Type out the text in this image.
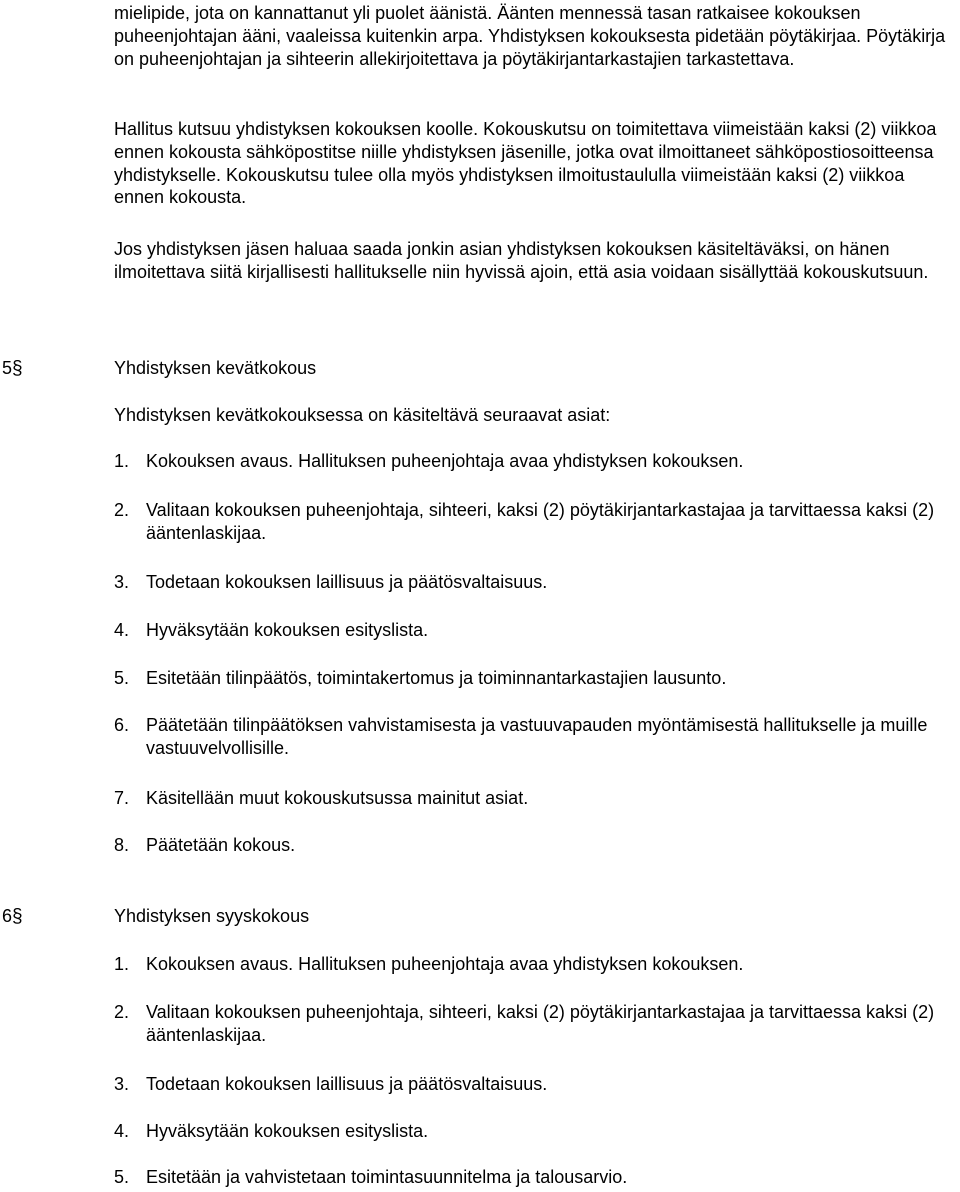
mielipide, jota on kannattanut yli puolet äänistä. Äänten mennessä tasan ratkaisee kokouksen puheenjohtajan ääni, vaaleissa kuitenkin arpa. Yhdistyksen kokouksesta pidetään pöytäkirjaa. Pöytäkirja on puheenjohtajan ja sihteerin allekirjoitettava ja pöytäkirjantarkastajien tarkastettava.

Hallitus kutsuu yhdistyksen kokouksen koolle. Kokouskutsu on toimitettava viimeistään kaksi (2) viikkoa ennen kokousta sähköpostitse niille yhdistyksen jäsenille, jotka ovat ilmoittaneet sähköpostiosoitteensa yhdistykselle. Kokouskutsu tulee olla myös yhdistyksen ilmoitustaululla viimeistään kaksi (2) viikkoa ennen kokousta.

Jos yhdistyksen jäsen haluaa saada jonkin asian yhdistyksen kokouksen käsiteltäväksi, on hänen ilmoitettava siitä kirjallisesti hallitukselle niin hyvissä ajoin, että asia voidaan sisällyttää kokouskutsuun.

5 §	Yhdistyksen kevätkokous

Yhdistyksen kevätkokouksessa on käsiteltävä seuraavat asiat:

1. Kokouksen avaus. Hallituksen puheenjohtaja avaa yhdistyksen kokouksen.
2. Valitaan kokouksen puheenjohtaja, sihteeri, kaksi (2) pöytäkirjantarkastajaa ja tarvittaessa kaksi (2) ääntenlaskijaa.
3. Todetaan kokouksen laillisuus ja päätösvaltaisuus.
4. Hyväksytään kokouksen esityslista.
5. Esitetään tilinpäätös, toimintakertomus ja toiminnantarkastajien lausunto.
6. Päätetään tilinpäätöksen vahvistamisesta ja vastuuvapauden myöntämisestä hallitukselle ja muille vastuuvelvollisille.
7. Käsitellään muut kokouskutsussa mainitut asiat.
8. Päätetään kokous.
6 §	Yhdistyksen syyskokous
1. Kokouksen avaus. Hallituksen puheenjohtaja avaa yhdistyksen kokouksen.
2. Valitaan kokouksen puheenjohtaja, sihteeri, kaksi (2) pöytäkirjantarkastajaa ja tarvittaessa kaksi (2) ääntenlaskijaa.
3. Todetaan kokouksen laillisuus ja päätösvaltaisuus.
4. Hyväksytään kokouksen esityslista.
5. Esitetään ja vahvistetaan toimintasuunnitelma ja talousarvio.
